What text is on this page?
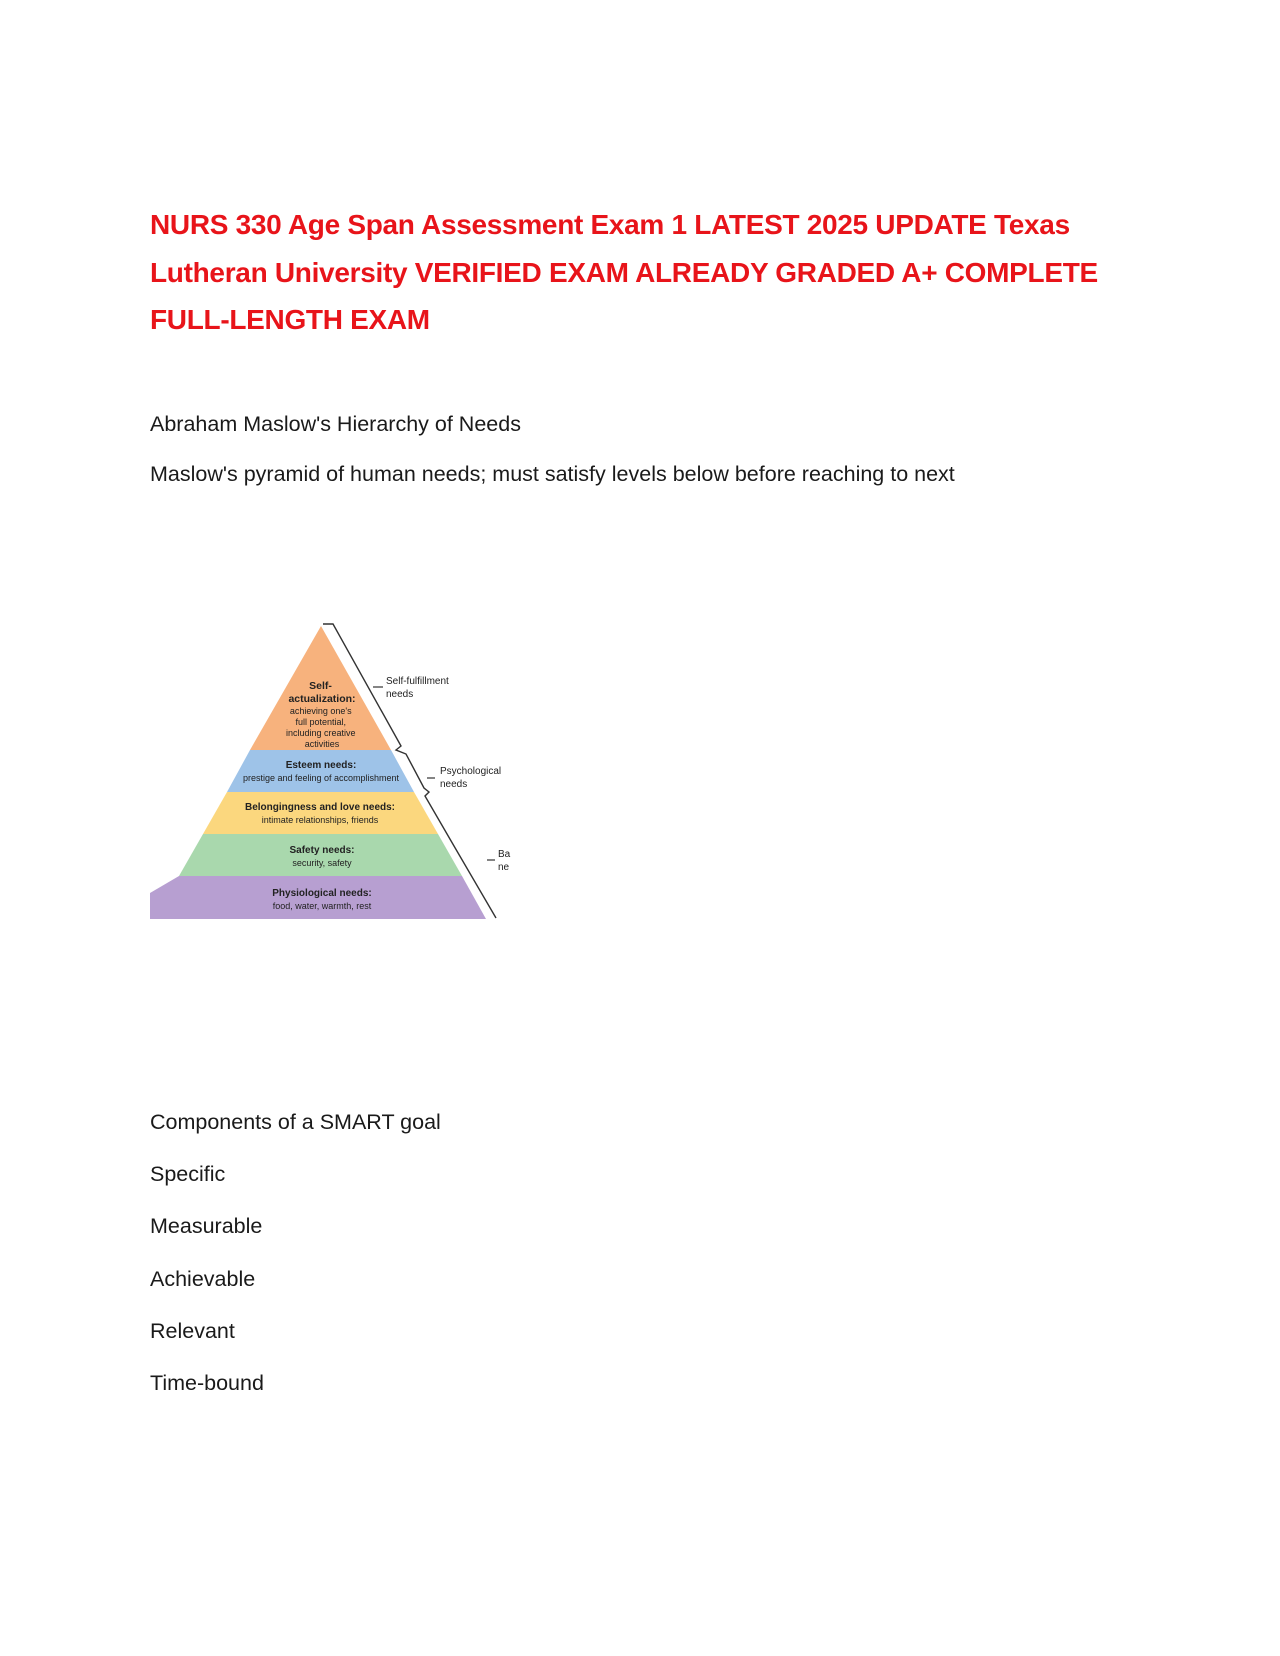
NURS 330 Age Span Assessment Exam 1 LATEST 2025 UPDATE Texas Lutheran University VERIFIED EXAM ALREADY GRADED A+ COMPLETE FULL-LENGTH EXAM

Abraham Maslow's Hierarchy of Needs

Maslow's pyramid of human needs; must satisfy levels below before reaching to next

Self- actualization:
achieving one's full potential, including creative activities
Esteem needs:
prestige and feeling of accomplishment
Belongingness and love needs:
intimate relationships, friends
Safety needs:
security, safety
Physiological needs:
food, water, warmth, rest
Self-fulfillment needs
Psychological needs
Ba ne

Components of a SMART goal

Specific

Measurable

Achievable

Relevant

Time-bound
